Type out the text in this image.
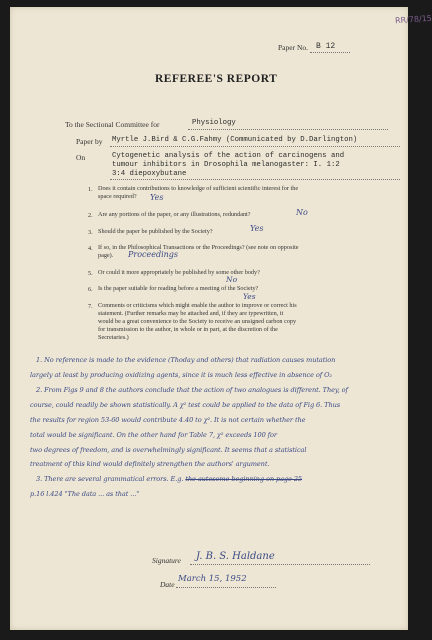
RR/78/15
Paper No. B 12
REFEREE'S REPORT
To the Sectional Committee for	Physiology
Paper by Myrtle J.Bird & C.G.Fahmy (Communicated by D.Darlington)
On	Cytogenetic analysis of the action of carcinogens and
tumour inhibitors in Drosophila melanogaster: I. 1:2
3:4 diepoxybutane
1. Does it contain contributions to knowledge of sufficient scientific interest for the
space required? Yes
2. Are any portions of the paper, or any illustrations, redundant?	No
3. Should the paper be published by the Society?	Yes
4. If so, in the Philosophical Transactions or the Proceedings? (see note on opposite
page). Proceedings
5. Or could it more appropriately be published by some other body?
No
6. Is the paper suitable for reading before a meeting of the Society?
Yes
7. Comments or criticisms which might enable the author to improve or correct his
statement. (Further remarks may be attached and, if they are typewritten, it
would be a great convenience to the Society to receive an unsigned carbon copy
for transmission to the author, in whole or in part, at the discretion of the
Secretaries.)
1. No reference is made to the evidence (Thoday and others) that radiation causes mutation
largely at least by producing oxidizing agents, since it is much less effective in absence of O₂
2. From Figs 9 and 8 the authors conclude that the action of two analogues is different. They, of
course, could readily be shown statistically. A χ² test could be applied to the data of Fig 6. Thus
the results for region 53-60 would contribute 4.40 to χ². It is not certain whether the
total would be significant. On the other hand for Table 7, χ² exceeds 100 for
two degrees of freedom, and is overwhelmingly significant. It seems that a statistical
treatment of this kind would definitely strengthen the authors' argument.
3. There are several grammatical errors. E.g. the autosome beginning on page 25
p.16 l.424 "The data ... as that ..."
Signature J. B. S. Haldane
Date
March 15, 1952
